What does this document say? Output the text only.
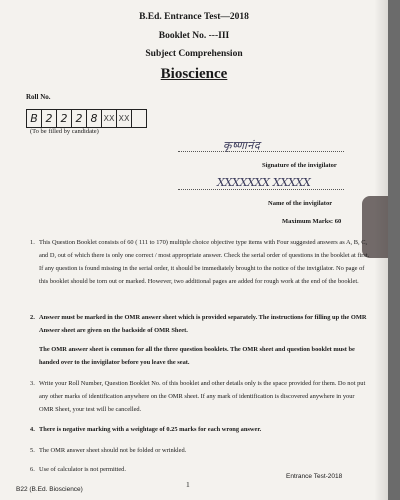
B.Ed. Entrance Test—2018
Booklet No. ---III
Subject Comprehension
Bioscience
Roll No.
B 2 2 2 8 XX XX
(To be filled by candidate)
कृष्णानंद
Signature of the invigilator
XXXXXXX XXXXX
Name of the invigilator
Maximum Marks: 60
1. This Question Booklet consists of 60 ( 111 to 170) multiple choice objective type items with Four suggested answers as A, B, C, and D, out of which there is only one correct / most appropriate answer. Check the serial order of questions in the booklet at first. If any question is found missing in the serial order, it should be immediately brought to the notice of the invigilator. No page of this booklet should be torn out or marked. However, two additional pages are added for rough work at the end of the booklet.

2. Answer must be marked in the OMR answer sheet which is provided separately. The instructions for filling up the OMR Answer sheet are given on the backside of OMR Sheet.

The OMR answer sheet is common for all the three question booklets. The OMR sheet and question booklet must be handed over to the invigilator before you leave the seat.

3. Write your Roll Number, Question Booklet No. of this booklet and other details only is the space provided for them. Do not put any other marks of identification anywhere on the OMR sheet. If any mark of identification is discovered anywhere in your OMR Sheet, your test will be cancelled.

4. There is negative marking with a weightage of 0.25 marks for each wrong answer.

5. The OMR answer sheet should not be folded or wrinkled.

6. Use of calculator is not permitted.

B22 (B.Ed. Bioscience)
1
Entrance Test-2018
